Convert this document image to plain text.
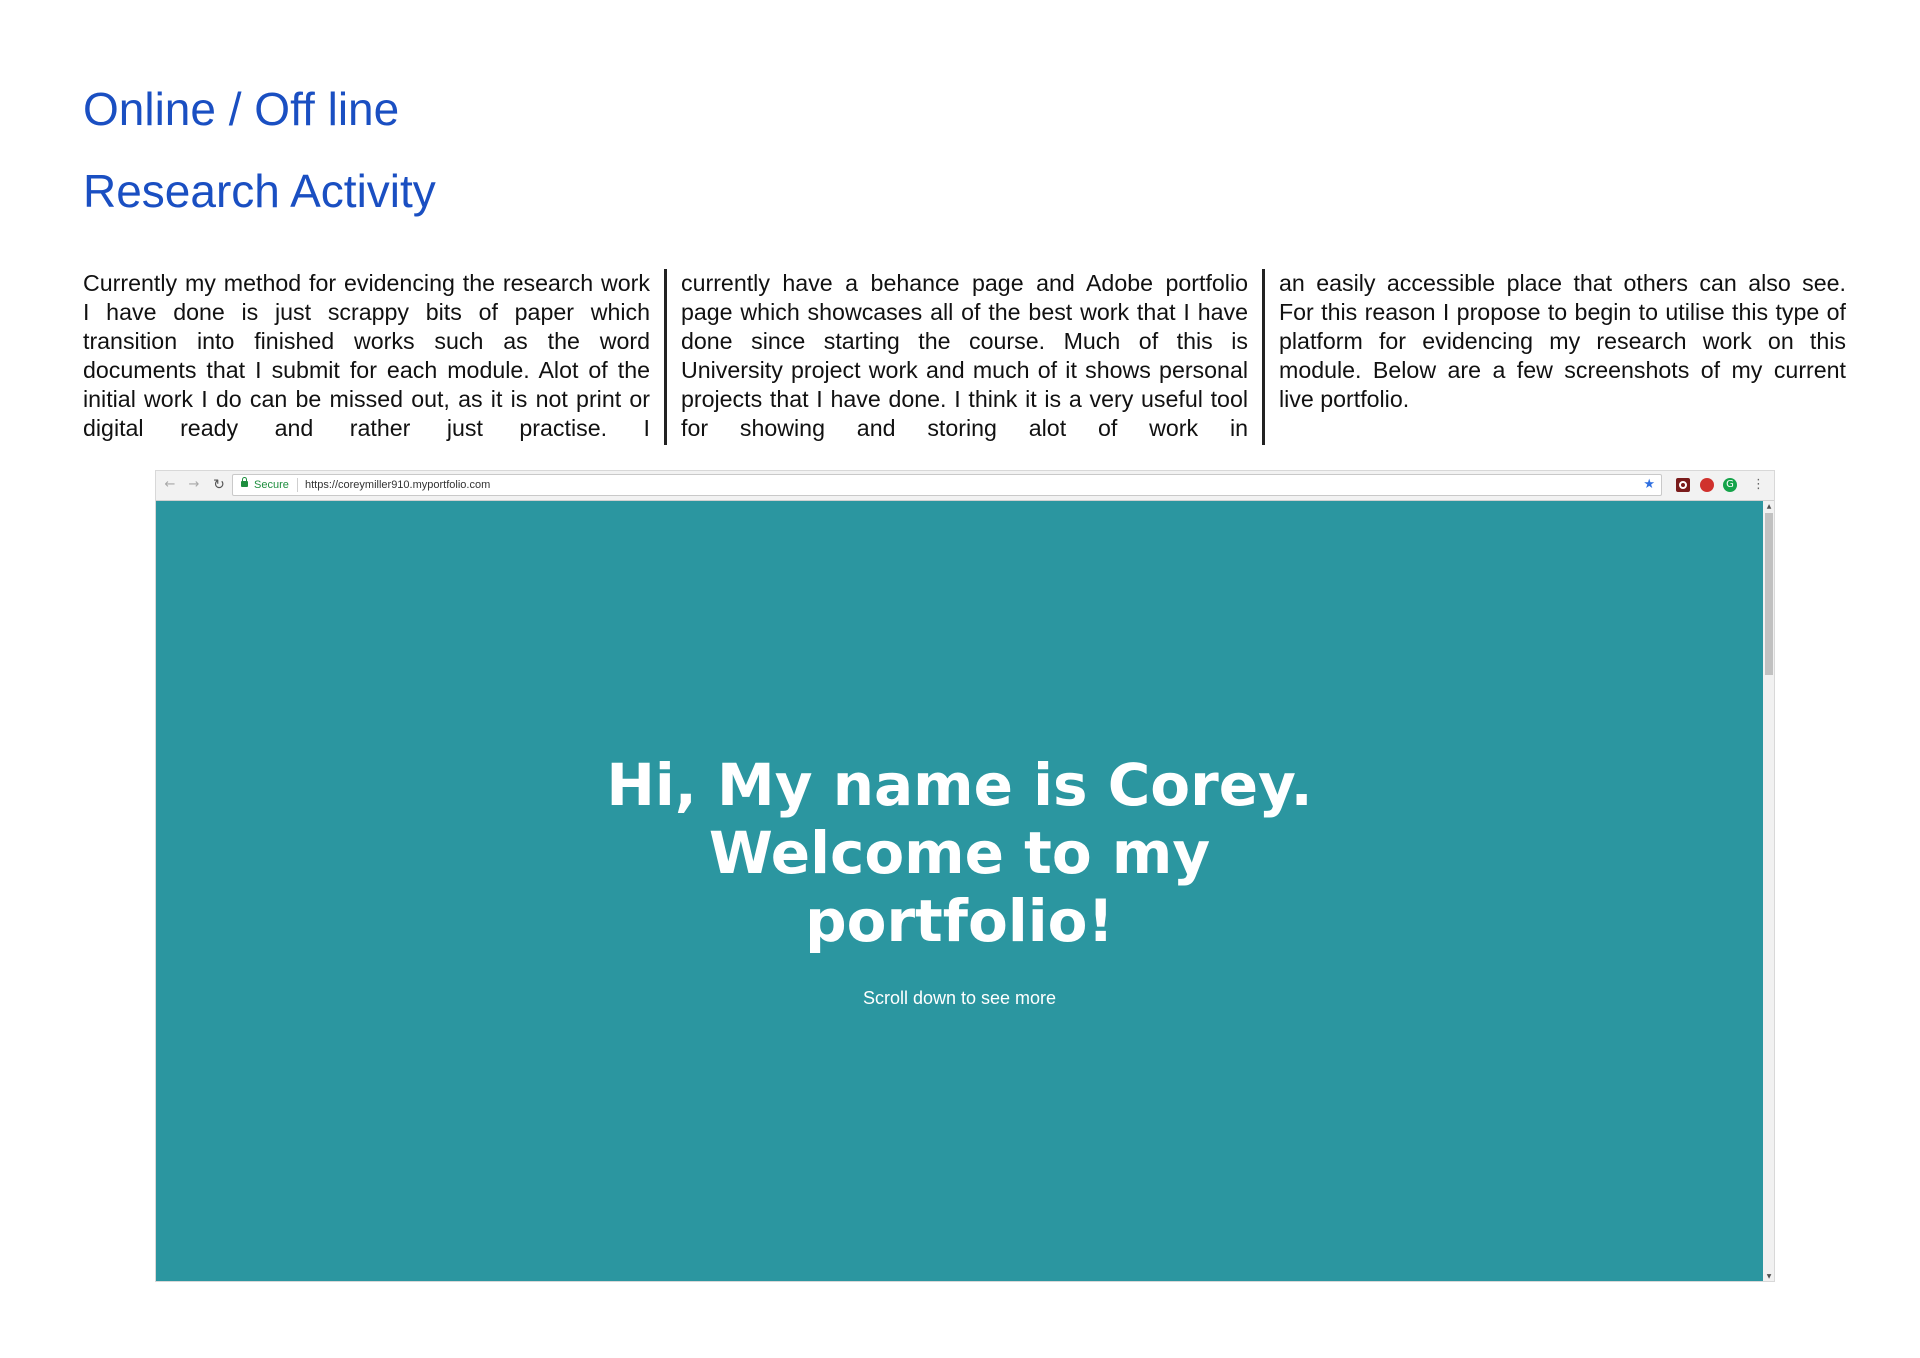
Online / Off line
Research Activity
Currently my method for evidencing the research work I have done is just scrappy bits of paper which transition into finished works such as the word documents that I submit for each module. Alot of the initial work I do can be missed out, as it is not print or digital ready and rather just practise. I
currently have a behance page and Adobe portfolio page which showcases all of the best work that I have done since starting the course. Much of this is University project work and much of it shows personal projects that I have done. I think it is a very useful tool for showing and storing alot of work in
an easily accessible place that others can also see. For this reason I propose to begin to utilise this type of platform for evidencing my research work on this module. Below are a few screenshots of my current live portfolio.
← → ↻	Secure https://coreymiller910.myportfolio.com	★	G ⋮
Hi, My name is Corey.
Welcome to my
portfolio!
Scroll down to see more
▲
▼
